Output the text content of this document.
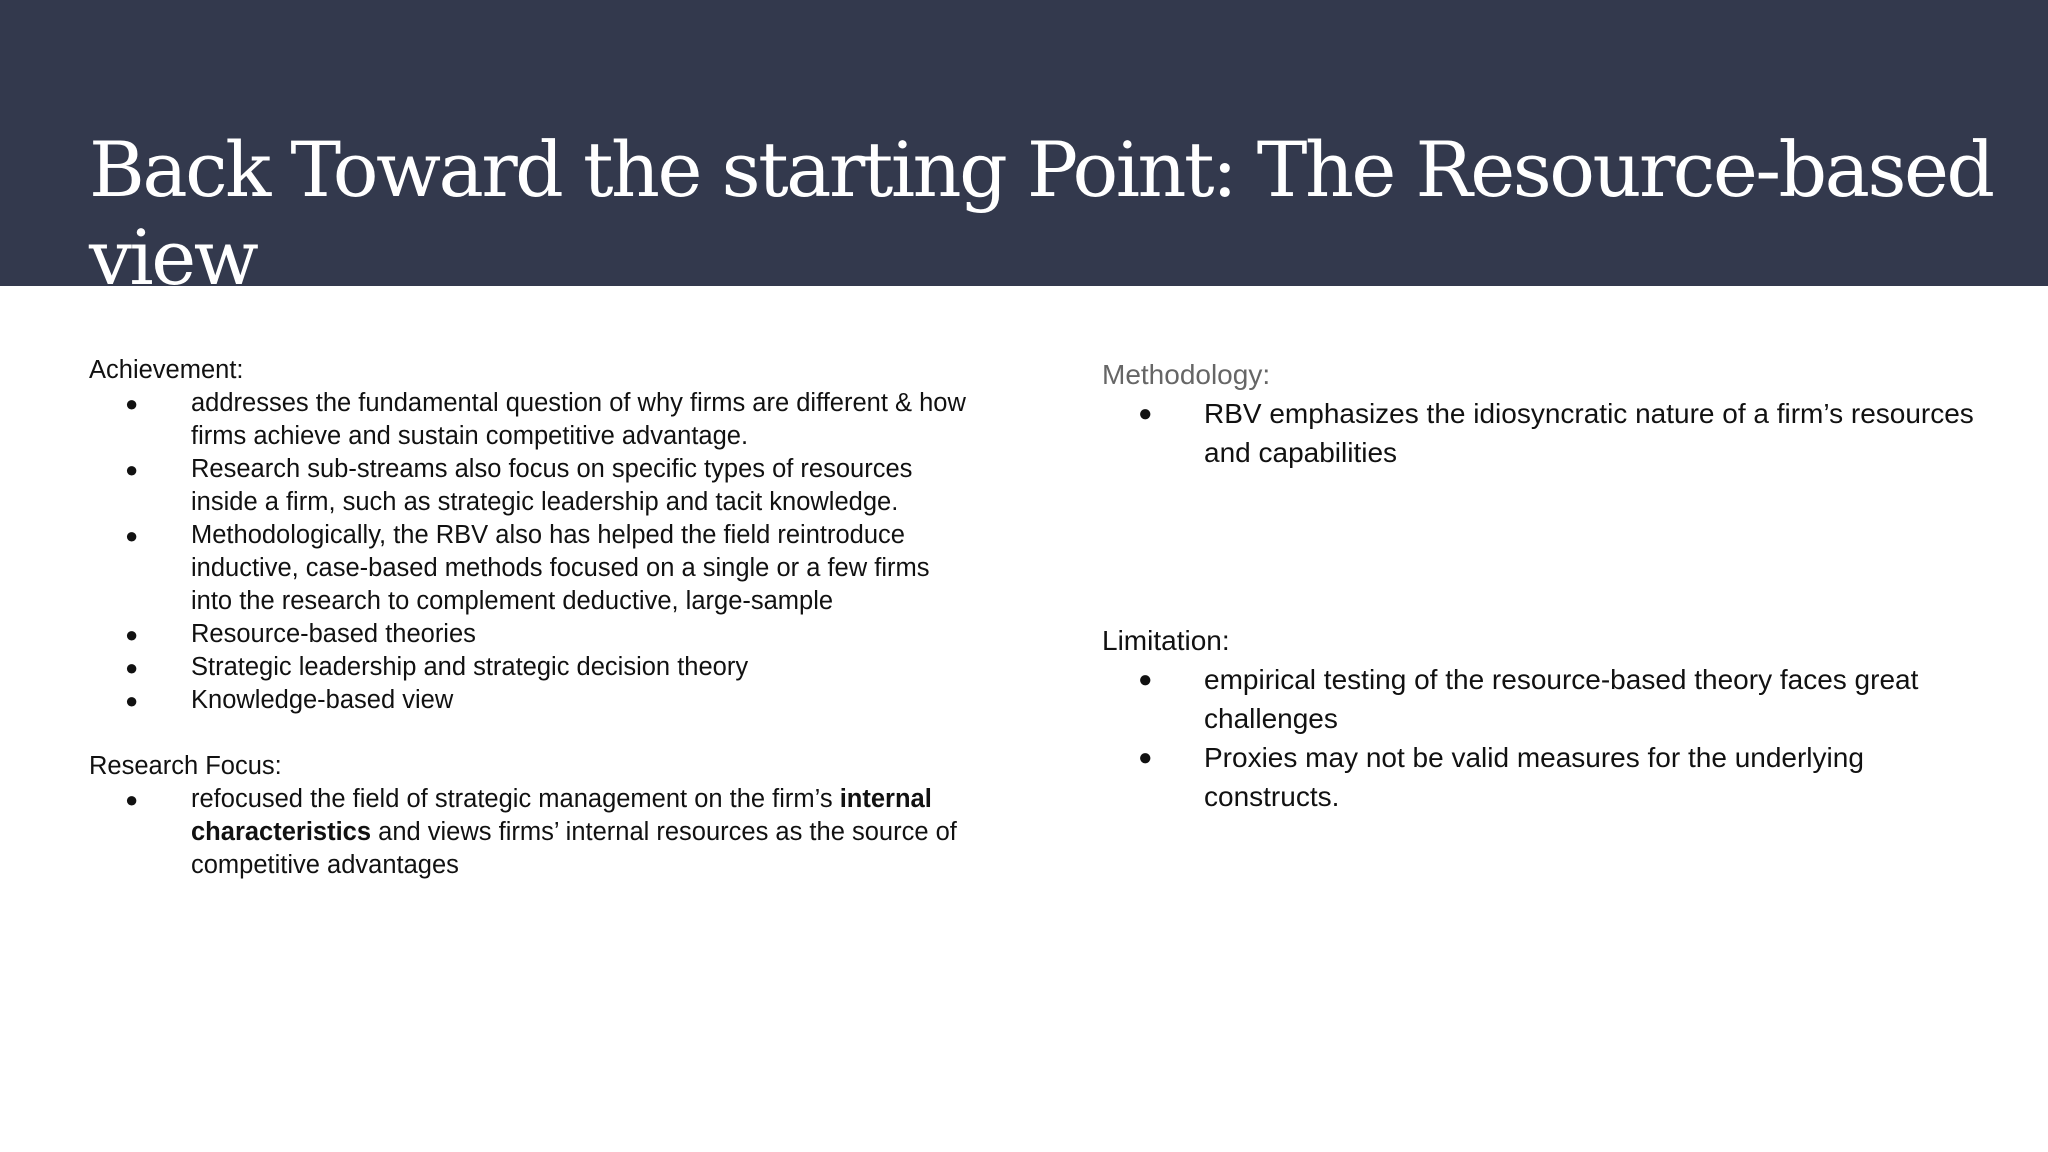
Back Toward the starting Point: The Resource-based
view

Achievement:

● addresses the fundamental question of why firms are different & how firms achieve and sustain competitive advantage.
● Research sub-streams also focus on specific types of resources inside a firm, such as strategic leadership and tacit knowledge.
● Methodologically, the RBV also has helped the field reintroduce inductive, case-based methods focused on a single or a few firms into the research to complement deductive, large-sample
● Resource-based theories
● Strategic leadership and strategic decision theory
● Knowledge-based view

Research Focus:

● refocused the field of strategic management on the firm’s internal characteristics and views firms’ internal resources as the source of competitive advantages

Methodology:

● RBV emphasizes the idiosyncratic nature of a firm’s resources and capabilities

Limitation:

● empirical testing of the resource-based theory faces great challenges
● Proxies may not be valid measures for the underlying constructs.
